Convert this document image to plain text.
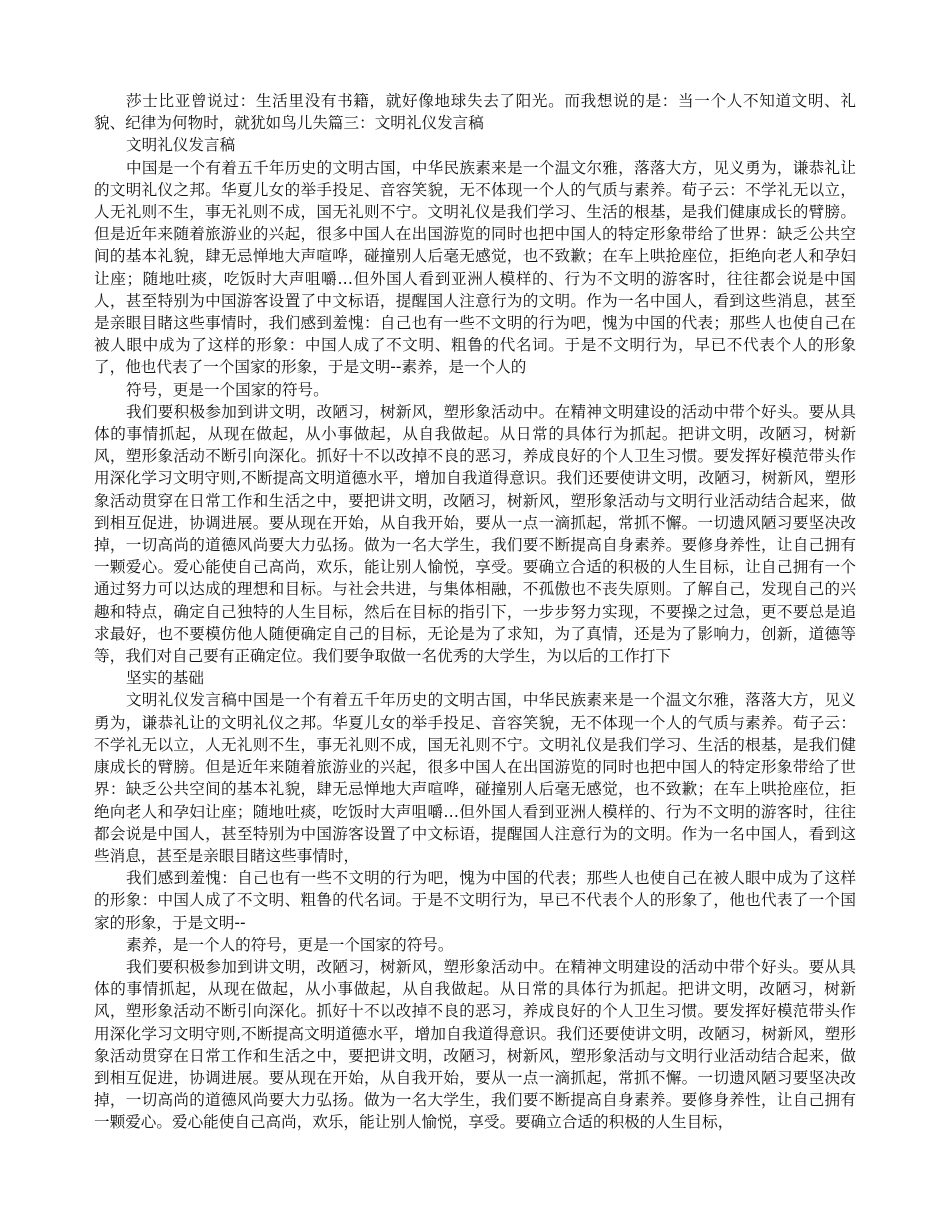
莎士比亚曾说过：生活里没有书籍，就好像地球失去了阳光。而我想说的是：当一个人不知道文明、礼貌、纪律为何物时，就犹如鸟儿失篇三：文明礼仪发言稿

文明礼仪发言稿

中国是一个有着五千年历史的文明古国，中华民族素来是一个温文尔雅，落落大方，见义勇为，谦恭礼让的文明礼仪之邦。华夏儿女的举手投足、音容笑貌，无不体现一个人的气质与素养。荀子云：不学礼无以立，人无礼则不生，事无礼则不成，国无礼则不宁。文明礼仪是我们学习、生活的根基，是我们健康成长的臂膀。但是近年来随着旅游业的兴起，很多中国人在出国游览的同时也把中国人的特定形象带给了世界：缺乏公共空间的基本礼貌，肆无忌惮地大声喧哗，碰撞别人后毫无感觉，也不致歉；在车上哄抢座位，拒绝向老人和孕妇让座；随地吐痰，吃饭时大声咀嚼…但外国人看到亚洲人模样的、行为不文明的游客时，往往都会说是中国人，甚至特别为中国游客设置了中文标语，提醒国人注意行为的文明。作为一名中国人，看到这些消息，甚至是亲眼目睹这些事情时，我们感到羞愧：自己也有一些不文明的行为吧，愧为中国的代表；那些人也使自己在被人眼中成为了这样的形象：中国人成了不文明、粗鲁的代名词。于是不文明行为，早已不代表个人的形象了，他也代表了一个国家的形象，于是文明--素养，是一个人的

符号，更是一个国家的符号。

我们要积极参加到讲文明，改陋习，树新风，塑形象活动中。在精神文明建设的活动中带个好头。要从具体的事情抓起，从现在做起，从小事做起，从自我做起。从日常的具体行为抓起。把讲文明，改陋习，树新风，塑形象活动不断引向深化。抓好十不以改掉不良的恶习，养成良好的个人卫生习惯。要发挥好模范带头作用深化学习文明守则,不断提高文明道德水平，增加自我道得意识。我们还要使讲文明，改陋习，树新风，塑形象活动贯穿在日常工作和生活之中，要把讲文明，改陋习，树新风，塑形象活动与文明行业活动结合起来，做到相互促进，协调进展。要从现在开始，从自我开始，要从一点一滴抓起，常抓不懈。一切遗风陋习要坚决改掉，一切高尚的道德风尚要大力弘扬。做为一名大学生，我们要不断提高自身素养。要修身养性，让自己拥有一颗爱心。爱心能使自己高尚，欢乐，能让别人愉悦，享受。要确立合适的积极的人生目标，让自己拥有一个通过努力可以达成的理想和目标。与社会共进，与集体相融，不孤傲也不丧失原则。了解自己，发现自己的兴趣和特点，确定自己独特的人生目标，然后在目标的指引下，一步步努力实现，不要操之过急，更不要总是追求最好，也不要模仿他人随便确定自己的目标，无论是为了求知，为了真情，还是为了影响力，创新，道德等等，我们对自己要有正确定位。我们要争取做一名优秀的大学生，为以后的工作打下

坚实的基础

文明礼仪发言稿中国是一个有着五千年历史的文明古国，中华民族素来是一个温文尔雅，落落大方，见义勇为，谦恭礼让的文明礼仪之邦。华夏儿女的举手投足、音容笑貌，无不体现一个人的气质与素养。荀子云：不学礼无以立，人无礼则不生，事无礼则不成，国无礼则不宁。文明礼仪是我们学习、生活的根基，是我们健康成长的臂膀。但是近年来随着旅游业的兴起，很多中国人在出国游览的同时也把中国人的特定形象带给了世界：缺乏公共空间的基本礼貌，肆无忌惮地大声喧哗，碰撞别人后毫无感觉，也不致歉；在车上哄抢座位，拒绝向老人和孕妇让座；随地吐痰，吃饭时大声咀嚼…但外国人看到亚洲人模样的、行为不文明的游客时，往往都会说是中国人，甚至特别为中国游客设置了中文标语，提醒国人注意行为的文明。作为一名中国人，看到这些消息，甚至是亲眼目睹这些事情时，

我们感到羞愧：自己也有一些不文明的行为吧，愧为中国的代表；那些人也使自己在被人眼中成为了这样的形象：中国人成了不文明、粗鲁的代名词。于是不文明行为，早已不代表个人的形象了，他也代表了一个国家的形象，于是文明--

素养，是一个人的符号，更是一个国家的符号。

我们要积极参加到讲文明，改陋习，树新风，塑形象活动中。在精神文明建设的活动中带个好头。要从具体的事情抓起，从现在做起，从小事做起，从自我做起。从日常的具体行为抓起。把讲文明，改陋习，树新风，塑形象活动不断引向深化。抓好十不以改掉不良的恶习，养成良好的个人卫生习惯。要发挥好模范带头作用深化学习文明守则,不断提高文明道德水平，增加自我道得意识。我们还要使讲文明，改陋习，树新风，塑形象活动贯穿在日常工作和生活之中，要把讲文明，改陋习，树新风，塑形象活动与文明行业活动结合起来，做到相互促进，协调进展。要从现在开始，从自我开始，要从一点一滴抓起，常抓不懈。一切遗风陋习要坚决改掉，一切高尚的道德风尚要大力弘扬。做为一名大学生，我们要不断提高自身素养。要修身养性，让自己拥有一颗爱心。爱心能使自己高尚，欢乐，能让别人愉悦，享受。要确立合适的积极的人生目标，
